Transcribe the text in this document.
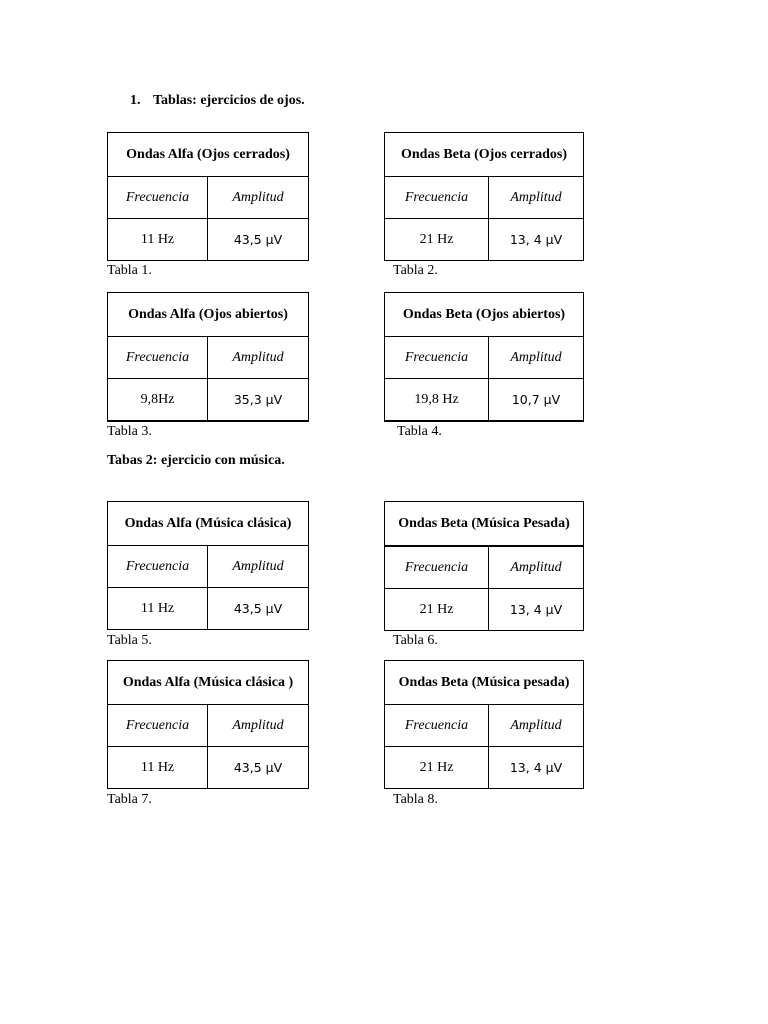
1. Tablas: ejercicios de ojos.
Ondas Alfa (Ojos cerrados)	
Frecuencia	Amplitud
11 Hz	43,5 μV
Tabla 1.
Ondas Beta (Ojos cerrados)	
Frecuencia	Amplitud
21 Hz	13, 4 μV
Tabla 2.
Ondas Alfa (Ojos abiertos)	
Frecuencia	Amplitud
9,8Hz	35,3 μV
Tabla 3.
Ondas Beta (Ojos abiertos)	
Frecuencia	Amplitud
19,8 Hz	10,7 μV
Tabla 4.
Tabas 2: ejercicio con música.
Ondas Alfa (Música clásica)	
Frecuencia	Amplitud
11 Hz	43,5 μV
Tabla 5.
Ondas Beta (Música Pesada)	
Frecuencia	Amplitud
21 Hz	13, 4 μV
Tabla 6.
Ondas Alfa (Música clásica )	
Frecuencia	Amplitud
11 Hz	43,5 μV
Tabla 7.
Ondas Beta (Música pesada)	
Frecuencia	Amplitud
21 Hz	13, 4 μV
Tabla 8.
